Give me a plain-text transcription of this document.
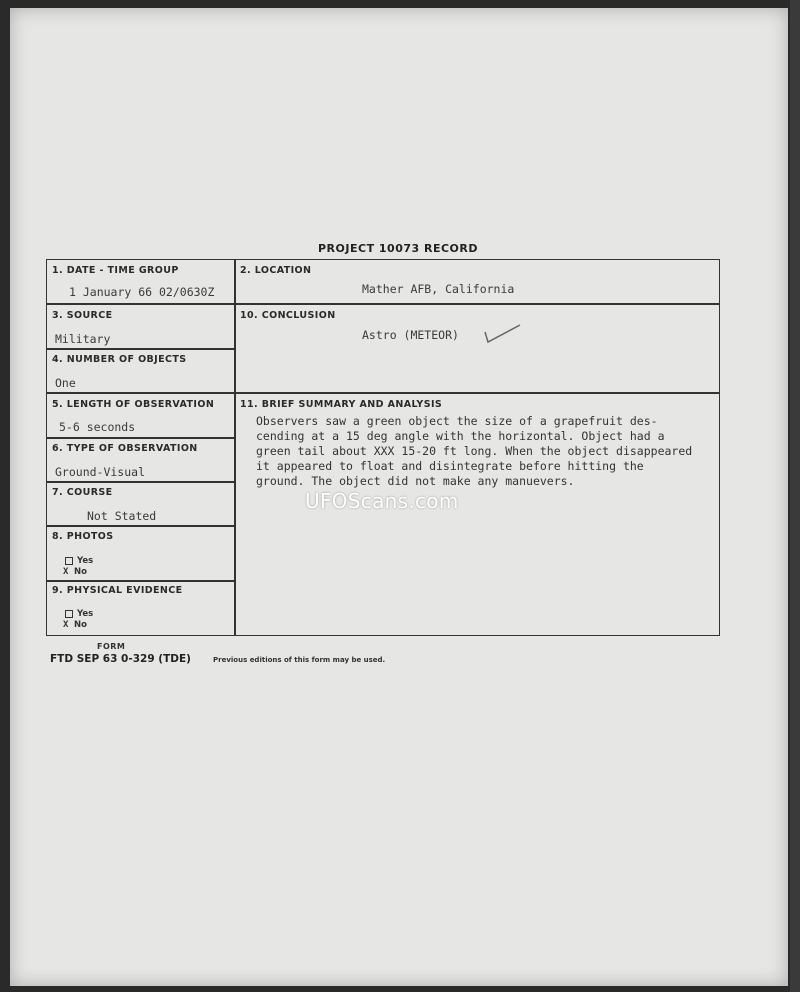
PROJECT 10073 RECORD
1. DATE - TIME GROUP
1 January 66 02/0630Z
2. LOCATION
Mather AFB, California
3. SOURCE
Military
10. CONCLUSION
Astro (METEOR)
4. NUMBER OF OBJECTS
One
5. LENGTH OF OBSERVATION
5-6 seconds
11. BRIEF SUMMARY AND ANALYSIS
6. TYPE OF OBSERVATION
Ground-Visual
7. COURSE
Not Stated
8. PHOTOS
Yes
X No
9. PHYSICAL EVIDENCE
Yes
X No
Observers saw a green object the size of a grapefruit des-
cending at a 15 deg angle with the horizontal. Object had a
green tail about XXX 15-20 ft long. When the object disappeared
it appeared to float and disintegrate before hitting the
ground. The object did not make any manuevers.
FORM
FTD SEP 63 0-329 (TDE)	Previous editions of this form may be used.
UFOScans.com
